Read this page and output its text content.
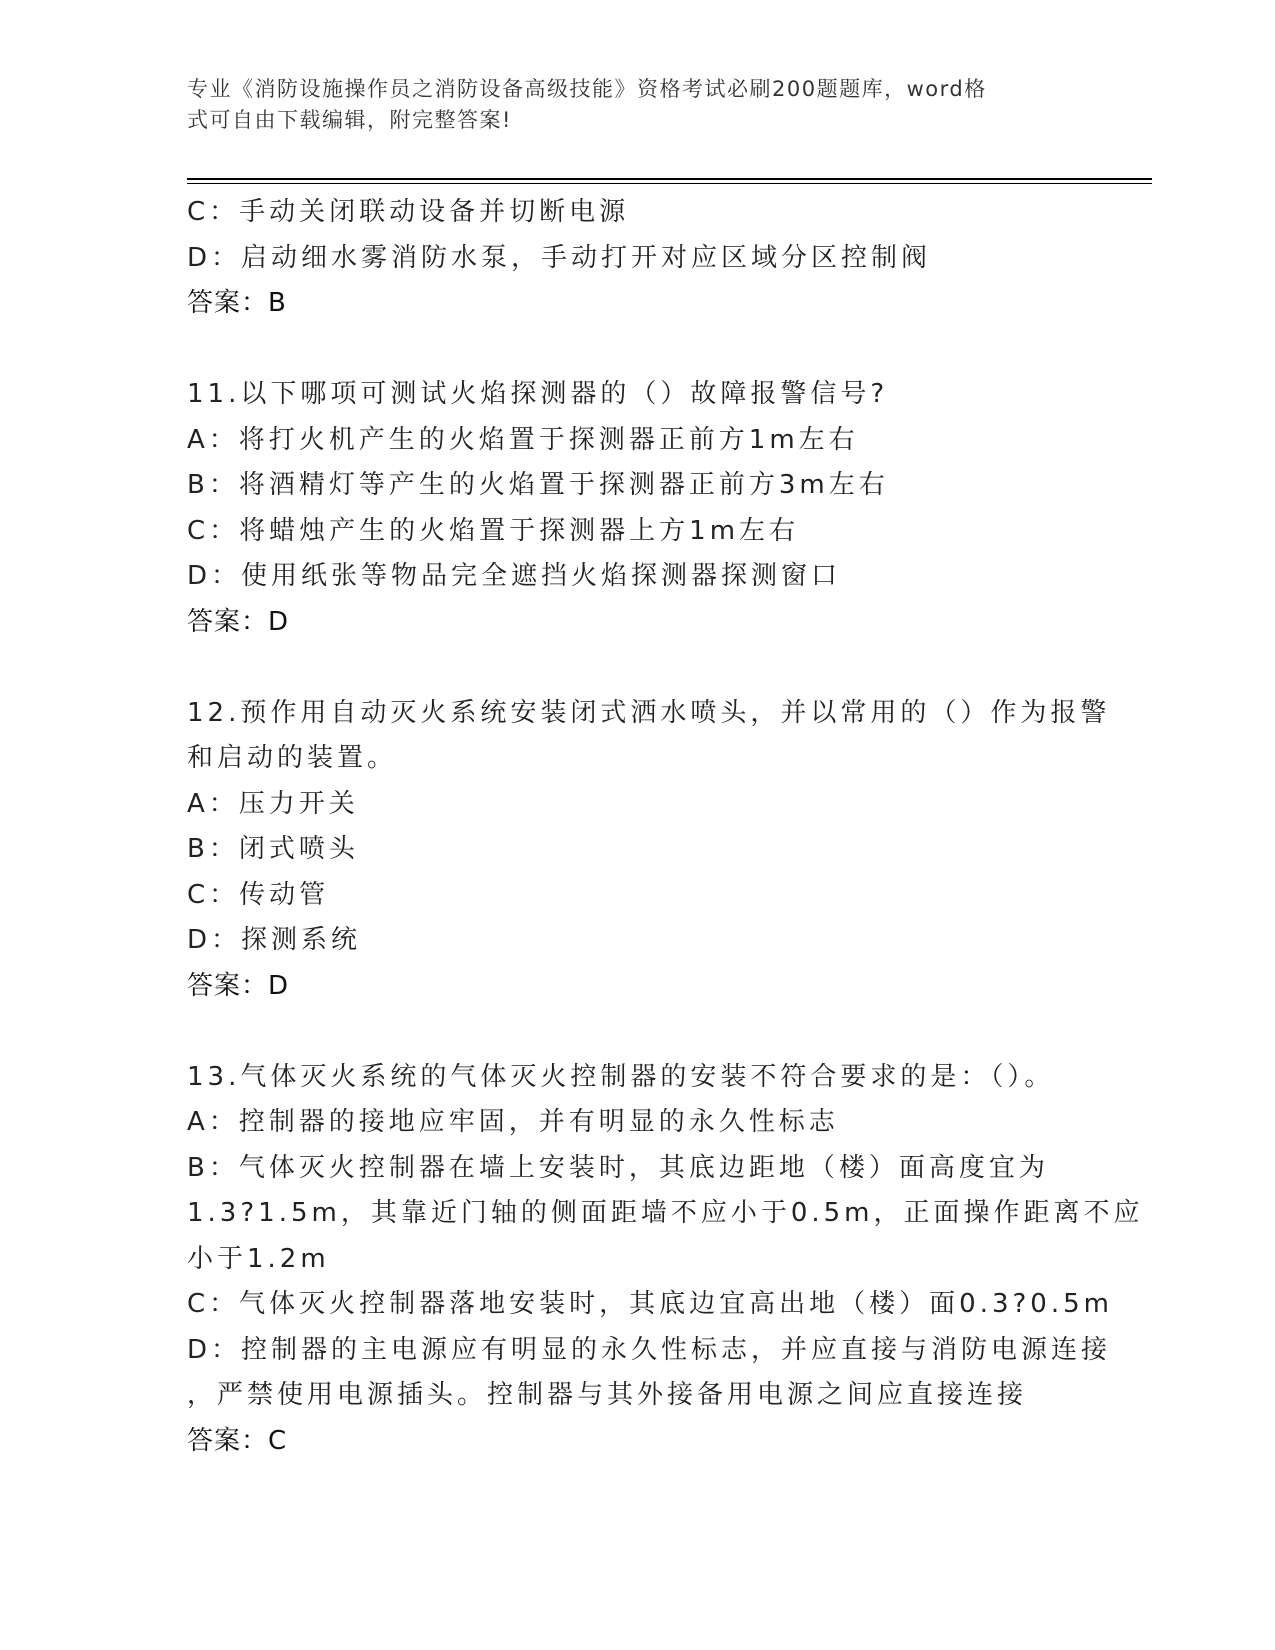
专业《消防设施操作员之消防设备高级技能》资格考试必刷200题题库，word格
式可自由下载编辑，附完整答案!
C：手动关闭联动设备并切断电源
D：启动细水雾消防水泵，手动打开对应区域分区控制阀
答案：B
11.以下哪项可测试火焰探测器的（）故障报警信号?
A：将打火机产生的火焰置于探测器正前方1m左右
B：将酒精灯等产生的火焰置于探测器正前方3m左右
C：将蜡烛产生的火焰置于探测器上方1m左右
D：使用纸张等物品完全遮挡火焰探测器探测窗口
答案：D
12.预作用自动灭火系统安装闭式洒水喷头，并以常用的（）作为报警
和启动的装置。
A：压力开关
B：闭式喷头
C：传动管
D：探测系统
答案：D
13.气体灭火系统的气体灭火控制器的安装不符合要求的是：（）。
A：控制器的接地应牢固，并有明显的永久性标志
B：气体灭火控制器在墙上安装时，其底边距地（楼）面高度宜为
1.3?1.5m，其靠近门轴的侧面距墙不应小于0.5m，正面操作距离不应
小于1.2m
C：气体灭火控制器落地安装时，其底边宜高出地（楼）面0.3?0.5m
D：控制器的主电源应有明显的永久性标志，并应直接与消防电源连接
，严禁使用电源插头。控制器与其外接备用电源之间应直接连接
答案：C
